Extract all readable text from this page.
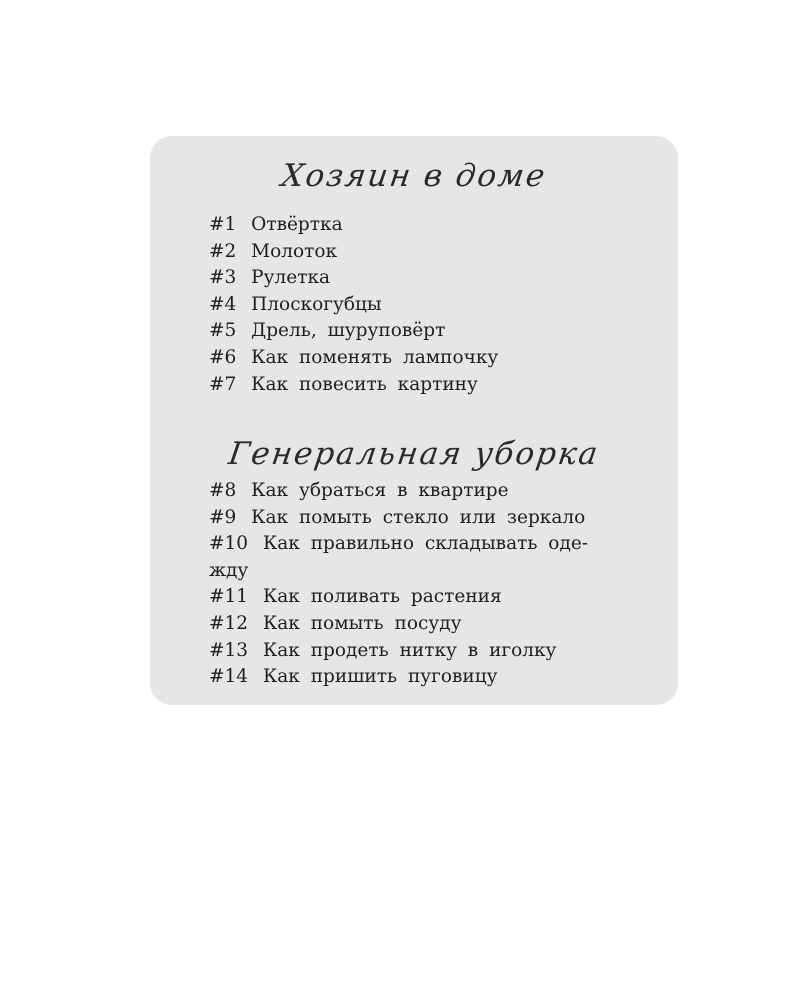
Хозяин в доме
#1 Отвёртка
#2 Молоток
#3 Рулетка
#4 Плоскогубцы
#5 Дрель, шуруповёрт
#6 Как поменять лампочку
#7 Как повесить картину
Генеральная уборка
#8 Как убраться в квартире
#9 Как помыть стекло или зеркало
#10 Как правильно складывать оде-
жду
#11 Как поливать растения
#12 Как помыть посуду
#13 Как продеть нитку в иголку
#14 Как пришить пуговицу
